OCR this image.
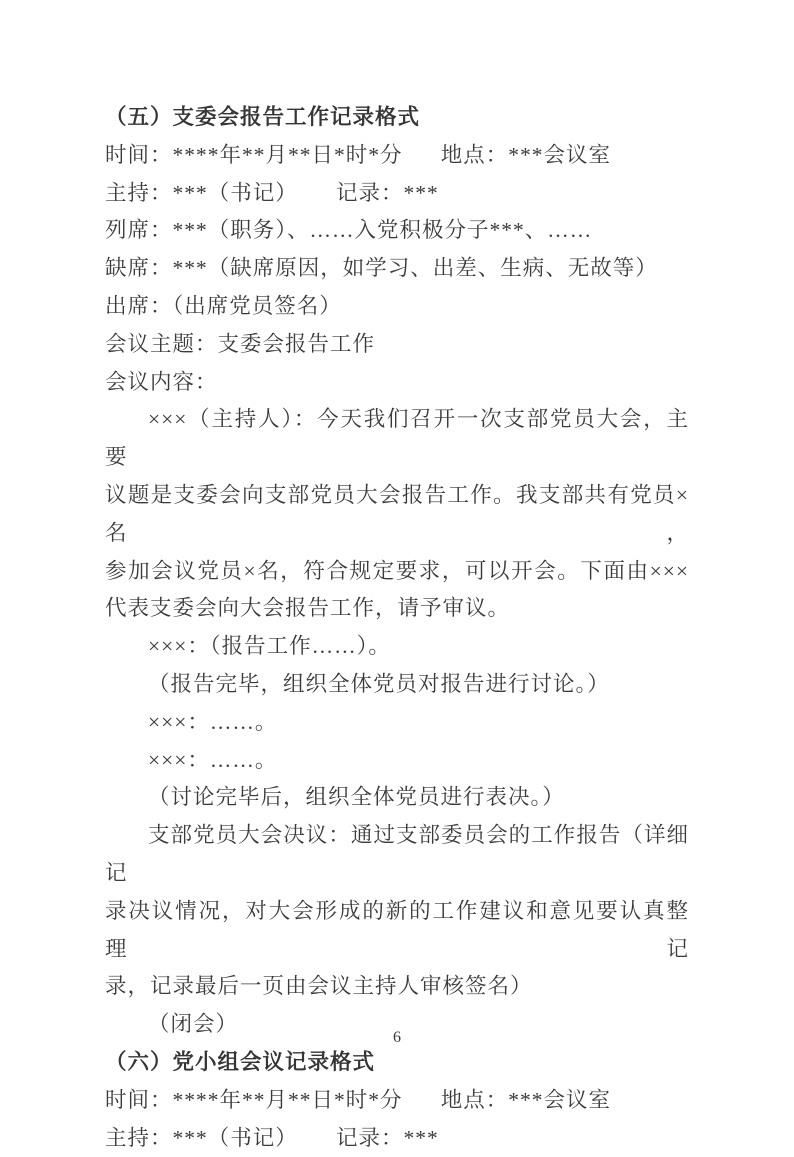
（五）支委会报告工作记录格式
时间：****年**月**日*时*分      地点：***会议室
主持：***（书记）      记录：***
列席：***（职务）、……入党积极分子***、……
缺席：***（缺席原因，如学习、出差、生病、无故等）
出席：（出席党员签名）
会议主题：支委会报告工作
会议内容：
×××（主持人）：今天我们召开一次支部党员大会，主要
议题是支委会向支部党员大会报告工作。我支部共有党员×名，
参加会议党员×名，符合规定要求，可以开会。下面由×××
代表支委会向大会报告工作，请予审议。
×××：（报告工作……）。
（报告完毕，组织全体党员对报告进行讨论。）
×××：……。
×××：……。
（讨论完毕后，组织全体党员进行表决。）
支部党员大会决议：通过支部委员会的工作报告（详细记
录决议情况，对大会形成的新的工作建议和意见要认真整理记
录，记录最后一页由会议主持人审核签名）
（闭会）
（六）党小组会议记录格式
时间：****年**月**日*时*分      地点：***会议室
主持：***（书记）      记录：***
6
